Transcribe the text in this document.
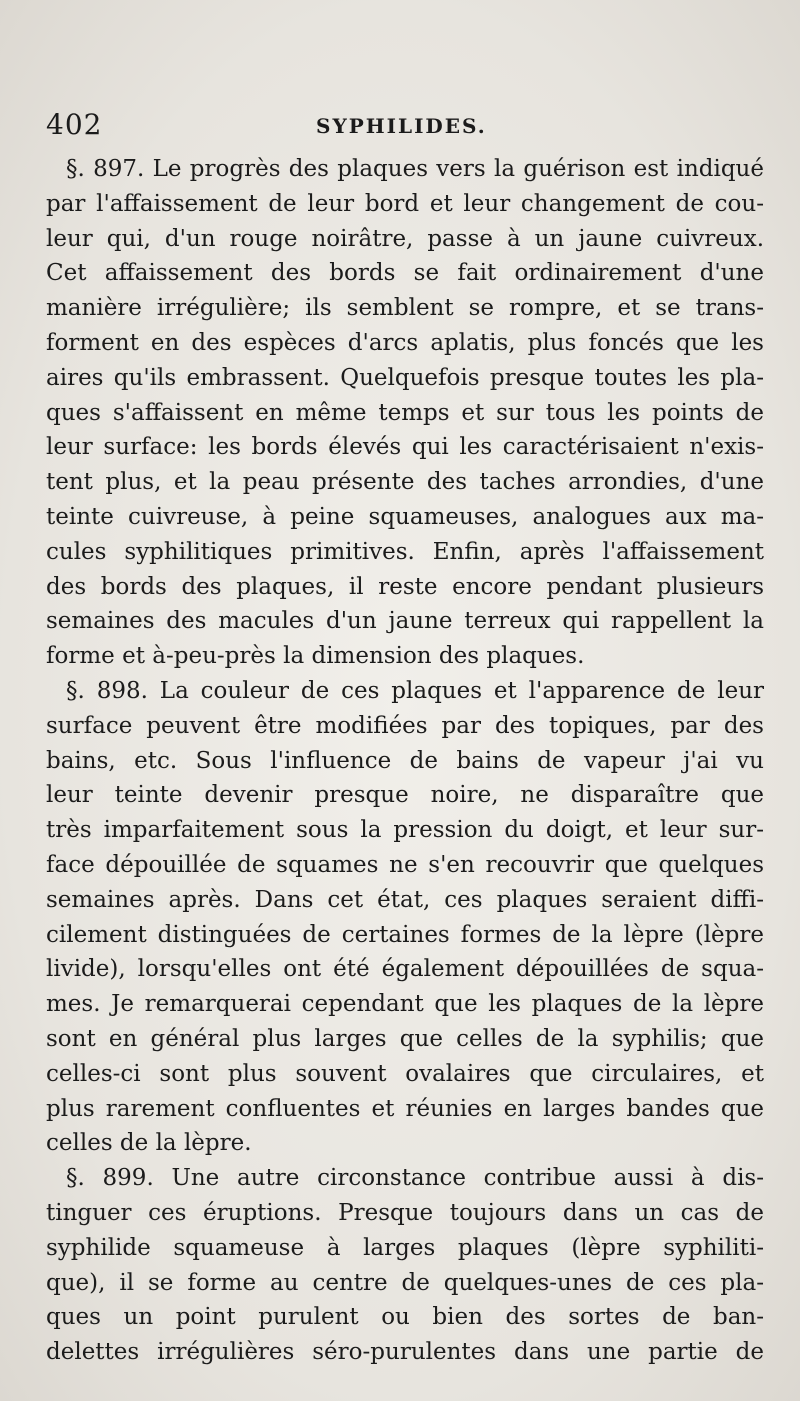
402	SYPHILIDES.
§. 897. Le progrès des plaques vers la guérison est indiqué
par l'affaissement de leur bord et leur changement de cou-
leur qui, d'un rouge noirâtre, passe à un jaune cuivreux.
Cet affaissement des bords se fait ordinairement d'une
manière irrégulière; ils semblent se rompre, et se trans-
forment en des espèces d'arcs aplatis, plus foncés que les
aires qu'ils embrassent. Quelquefois presque toutes les pla-
ques s'affaissent en même temps et sur tous les points de
leur surface: les bords élevés qui les caractérisaient n'exis-
tent plus, et la peau présente des taches arrondies, d'une
teinte cuivreuse, à peine squameuses, analogues aux ma-
cules syphilitiques primitives. Enfin, après l'affaissement
des bords des plaques, il reste encore pendant plusieurs
semaines des macules d'un jaune terreux qui rappellent la
forme et à-peu-près la dimension des plaques.
§. 898. La couleur de ces plaques et l'apparence de leur
surface peuvent être modifiées par des topiques, par des
bains, etc. Sous l'influence de bains de vapeur j'ai vu
leur teinte devenir presque noire, ne disparaître que
très imparfaitement sous la pression du doigt, et leur sur-
face dépouillée de squames ne s'en recouvrir que quelques
semaines après. Dans cet état, ces plaques seraient diffi-
cilement distinguées de certaines formes de la lèpre (lèpre
livide), lorsqu'elles ont été également dépouillées de squa-
mes. Je remarquerai cependant que les plaques de la lèpre
sont en général plus larges que celles de la syphilis; que
celles-ci sont plus souvent ovalaires que circulaires, et
plus rarement confluentes et réunies en larges bandes que
celles de la lèpre.
§. 899. Une autre circonstance contribue aussi à dis-
tinguer ces éruptions. Presque toujours dans un cas de
syphilide squameuse à larges plaques (lèpre syphiliti-
que), il se forme au centre de quelques-unes de ces pla-
ques un point purulent ou bien des sortes de ban-
delettes irrégulières séro-purulentes dans une partie de
